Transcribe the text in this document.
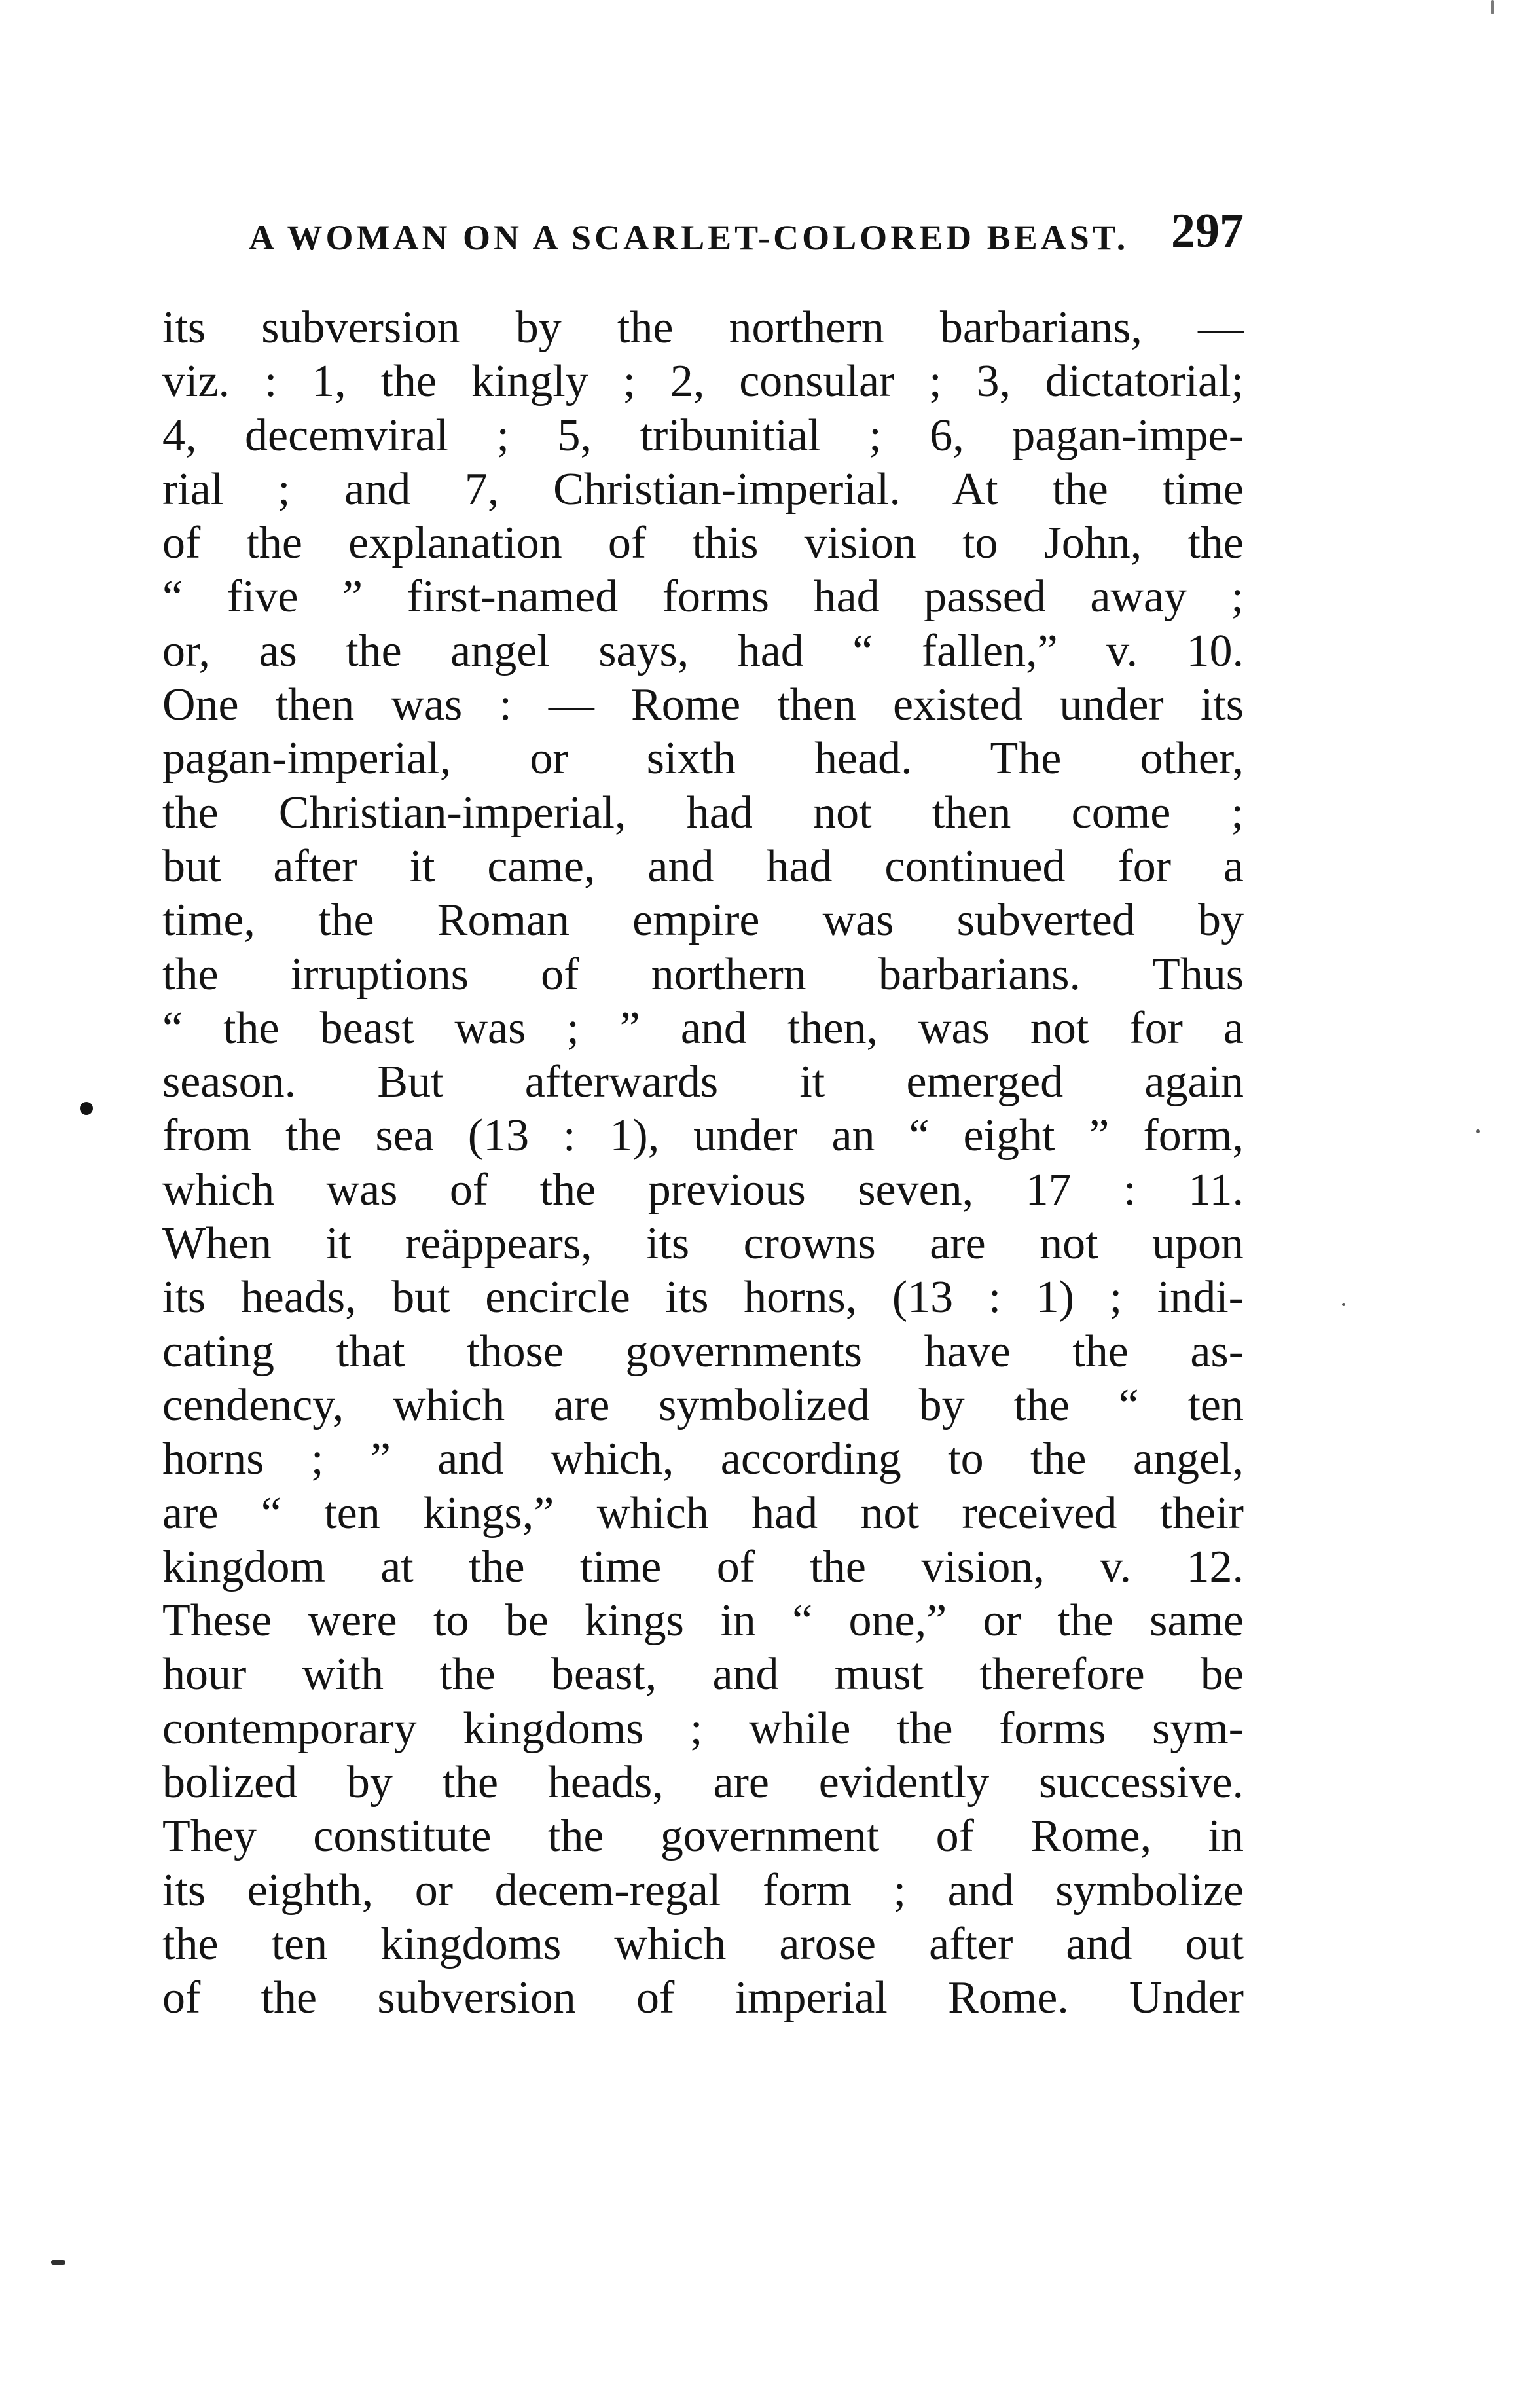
A WOMAN ON A SCARLET-COLORED BEAST. 297
its subversion by the northern barbarians, —
viz. : 1, the kingly ; 2, consular ; 3, dictatorial;
4, decemviral ; 5, tribunitial ; 6, pagan-impe-
rial ; and 7, Christian-imperial. At the time
of the explanation of this vision to John, the
“ five ” first-named forms had passed away ;
or, as the angel says, had “ fallen,” v. 10.
One then was : — Rome then existed under its
pagan-imperial, or sixth head. The other,
the Christian-imperial, had not then come ;
but after it came, and had continued for a
time, the Roman empire was subverted by
the irruptions of northern barbarians. Thus
“ the beast was ; ” and then, was not for a
season. But afterwards it emerged again
from the sea (13 : 1), under an “ eight ” form,
which was of the previous seven, 17 : 11.
When it reäppears, its crowns are not upon
its heads, but encircle its horns, (13 : 1) ; indi-
cating that those governments have the as-
cendency, which are symbolized by the “ ten
horns ; ” and which, according to the angel,
are “ ten kings,” which had not received their
kingdom at the time of the vision, v. 12.
These were to be kings in “ one,” or the same
hour with the beast, and must therefore be
contemporary kingdoms ; while the forms sym-
bolized by the heads, are evidently successive.
They constitute the government of Rome, in
its eighth, or decem-regal form ; and symbolize
the ten kingdoms which arose after and out
of the subversion of imperial Rome. Under
